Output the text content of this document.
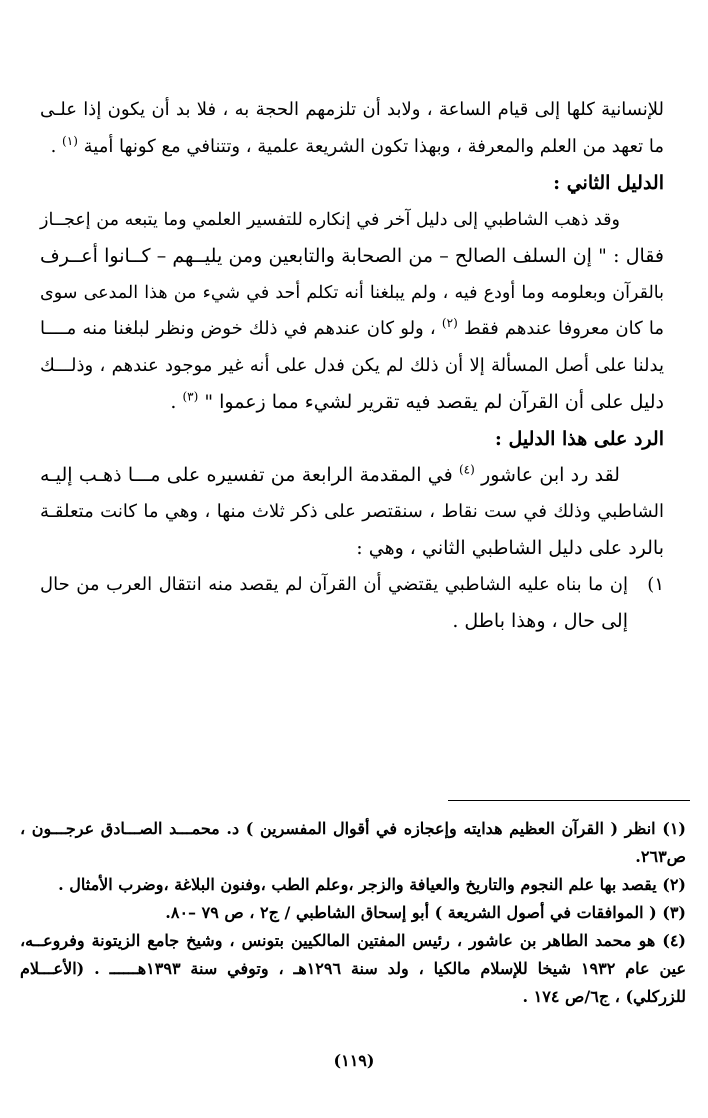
للإنسانية كلها إلى قيام الساعة ، ولابد أن تلزمهم الحجة به ، فلا بد أن يكون إذا علـى
ما تعهد من العلم والمعرفة ، وبهذا تكون الشريعة علمية ، وتتنافي مع كونها أمية $^{(١)}$ .
الدليل الثاني :
وقد ذهب الشاطبي إلى دليل آخر في إنكاره للتفسير العلمي وما يتبعه من إعجــاز
فقال : " إن السلف الصالح – من الصحابة والتابعين ومن يليــهم – كــانوا أعــرف
بالقرآن وبعلومه وما أودع فيه ، ولم يبلغنا أنه تكلم أحد في شيء من هذا المدعى سوى
ما كان معروفا عندهم فقط $^{(٢)}$ ، ولو كان عندهم في ذلك خوض ونظر لبلغنا منه مــــا
يدلنا على أصل المسألة إلا أن ذلك لم يكن فدل على أنه غير موجود عندهم ، وذلـــك
دليل على أن القرآن لم يقصد فيه تقرير لشيء مما زعموا " $^{(٣)}$ .
الرد على هذا الدليل :
لقد رد ابن عاشور $^{(٤)}$ في المقدمة الرابعة من تفسيره على مـــا ذهـب إليـه
الشاطبي وذلك في ست نقاط ، سنقتصر على ذكر ثلاث منها ، وهي ما كانت متعلقـة
بالرد على دليل الشاطبي الثاني ، وهي :
١)
إن ما بناه عليه الشاطبي يقتضي أن القرآن لم يقصد منه انتقال العرب من حال
إلى حال ، وهذا باطل .
(١) انظر ( القرآن العظيم هدايته وإعجازه في أقوال المفسرين ) د. محمـــد الصـــادق عرجـــون ،
ص٢٦٣.
(٢) يقصد بها علم النجوم والتاريخ والعيافة والزجر ،وعلم الطب ،وفنون البلاغة ،وضرب الأمثال .
(٣) ( الموافقات في أصول الشريعة ) أبو إسحاق الشاطبي / ج٢ ، ص ٧٩ –٨٠.
(٤) هو محمد الطاهر بن عاشور ، رئيس المفتين المالكيين بتونس ، وشيخ جامع الزيتونة وفروعــه،
عين عام ١٩٣٢ شيخا للإسلام مالكيا ، ولد سنة ١٢٩٦هـ ، وتوفي سنة ١٣٩٣هــــــ . (الأعـــلام
للزركلي) ، ج٦/ص ١٧٤ .
(١١٩)
